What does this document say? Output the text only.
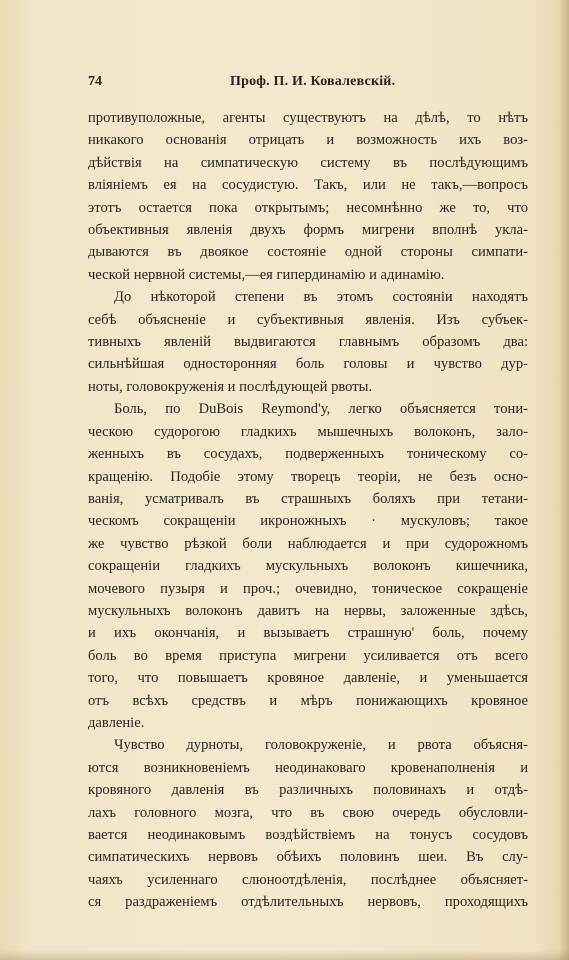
74	Проф. П. И. Ковалевскій.
противуположные, агенты существуютъ на дѣлѣ, то нѣтъ
никакого основанія отрицать и возможность ихъ воз-
дѣйствія на симпатическую систему въ послѣдующимъ
вліяніемъ ея на сосудистую. Такъ, или не такъ,—вопросъ
этотъ остается пока открытымъ; несомнѣнно же то, что
объективныя явленія двухъ формъ мигрени вполнѣ укла-
дываются въ двоякое состояніе одной стороны симпати-
ческой нервной системы,—ея гипердинамію и адинамію.
До нѣкоторой степени въ этомъ состояніи находятъ
себѣ объясненіе и субъективныя явленія. Изъ субъек-
тивныхъ явленій выдвигаются главнымъ образомъ два:
сильнѣйшая односторонняя боль головы и чувство дур-
ноты, головокруженія и послѣдующей рвоты.
Боль, по DuBois Reymond'у, легко объясняется тони-
ческою судорогою гладкихъ мышечныхъ волоконъ, зало-
женныхъ въ сосудахъ, подверженныхъ тоническому со-
кращенію. Подобіе этому творецъ теоріи, не безъ осно-
ванія, усматривалъ въ страшныхъ боляхъ при тетани-
ческомъ сокращеніи икроножныхъ · мускуловъ; такое
же чувство рѣзкой боли наблюдается и при судорожномъ
сокращеніи гладкихъ мускульныхъ волоконъ кишечника,
мочевого пузыря и проч.; очевидно, тоническое сокращеніе
мускульныхъ волоконъ давитъ на нервы, заложенные здѣсь,
и ихъ окончанія, и вызываетъ страшную' боль, почему
боль во время приступа мигрени усиливается отъ всего
того, что повышаетъ кровяное давленіе, и уменьшается
отъ всѣхъ средствъ и мѣръ понижающихъ кровяное
давленіе.
Чувство дурноты, головокруженіе, и рвота объясня-
ются возникновеніемъ неодинаковаго кровенаполненія и
кровяного давленія въ различныхъ половинахъ и отдѣ-
лахъ головного мозга, что въ свою очередь обусловли-
вается неодинаковымъ воздѣйствіемъ на тонусъ сосудовъ
симпатическихъ нервовъ обѣихъ половинъ шеи. Въ слу-
чаяхъ усиленнаго слюноотдѣленія, послѣднее объясняет-
ся раздраженіемъ отдѣлительныхъ нервовъ, проходящихъ
